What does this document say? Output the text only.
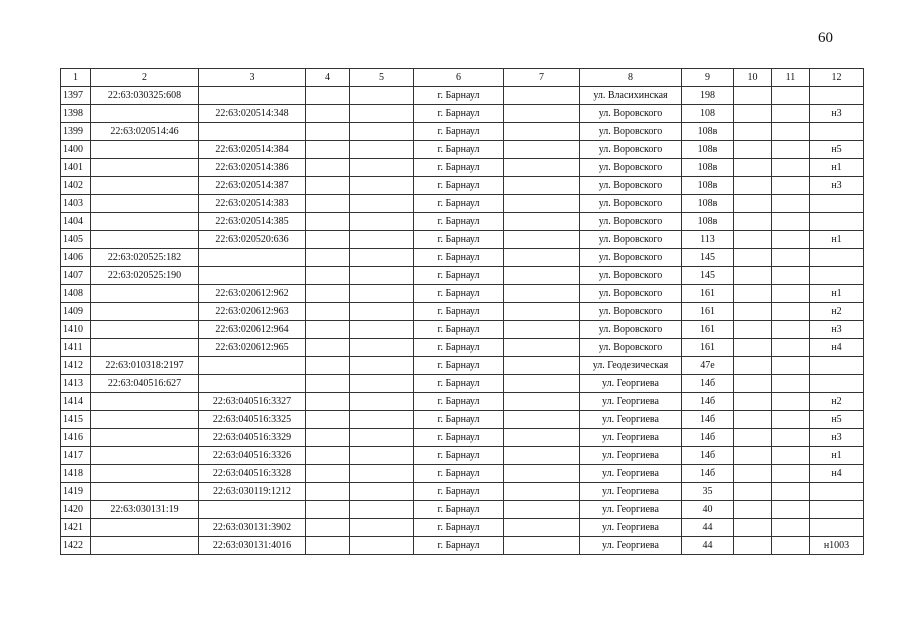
60
1	2	3	4	5	6	7	8	9	10	11	12
1397	22:63:030325:608				г. Барнаул		ул. Власихинская	198			
1398		22:63:020514:348			г. Барнаул		ул. Воровского	108			н3
1399	22:63:020514:46				г. Барнаул		ул. Воровского	108в			
1400		22:63:020514:384			г. Барнаул		ул. Воровского	108в			н5
1401		22:63:020514:386			г. Барнаул		ул. Воровского	108в			н1
1402		22:63:020514:387			г. Барнаул		ул. Воровского	108в			н3
1403		22:63:020514:383			г. Барнаул		ул. Воровского	108в			
1404		22:63:020514:385			г. Барнаул		ул. Воровского	108в			
1405		22:63:020520:636			г. Барнаул		ул. Воровского	113			н1
1406	22:63:020525:182				г. Барнаул		ул. Воровского	145			
1407	22:63:020525:190				г. Барнаул		ул. Воровского	145			
1408		22:63:020612:962			г. Барнаул		ул. Воровского	161			н1
1409		22:63:020612:963			г. Барнаул		ул. Воровского	161			н2
1410		22:63:020612:964			г. Барнаул		ул. Воровского	161			н3
1411		22:63:020612:965			г. Барнаул		ул. Воровского	161			н4
1412	22:63:010318:2197				г. Барнаул		ул. Геодезическая	47е			
1413	22:63:040516:627				г. Барнаул		ул. Георгиева	14б			
1414		22:63:040516:3327			г. Барнаул		ул. Георгиева	14б			н2
1415		22:63:040516:3325			г. Барнаул		ул. Георгиева	14б			н5
1416		22:63:040516:3329			г. Барнаул		ул. Георгиева	14б			н3
1417		22:63:040516:3326			г. Барнаул		ул. Георгиева	14б			н1
1418		22:63:040516:3328			г. Барнаул		ул. Георгиева	14б			н4
1419		22:63:030119:1212			г. Барнаул		ул. Георгиева	35			
1420	22:63:030131:19				г. Барнаул		ул. Георгиева	40			
1421		22:63:030131:3902			г. Барнаул		ул. Георгиева	44			
1422		22:63:030131:4016			г. Барнаул		ул. Георгиева	44			н1003
